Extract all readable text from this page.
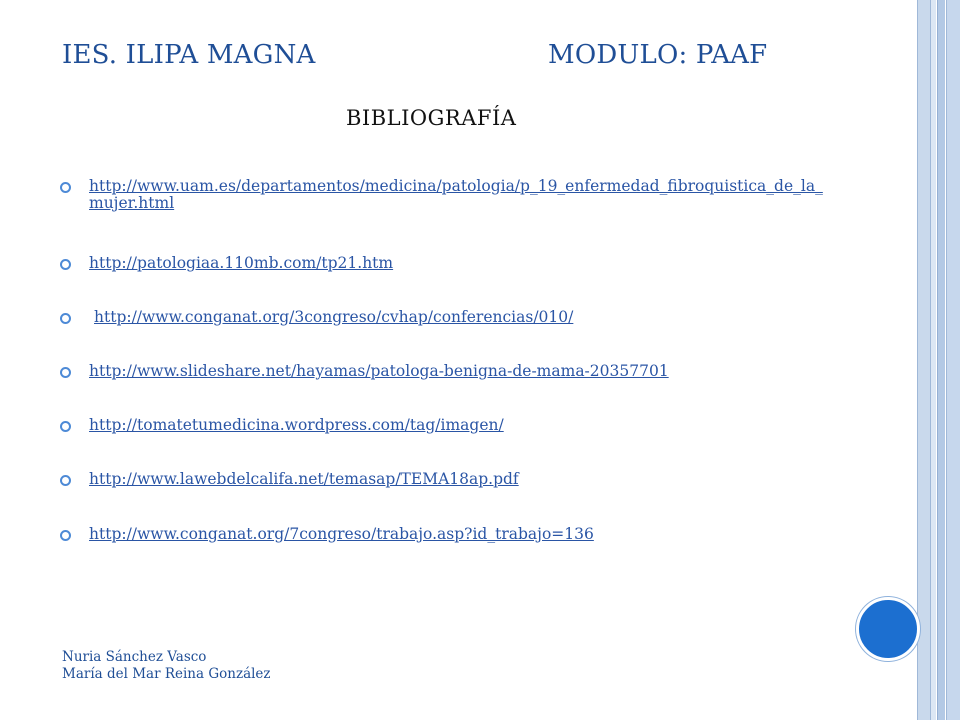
IES. ILIPA MAGNA	MODULO: PAAF
BIBLIOGRAFÍA
http://www.uam.es/departamentos/medicina/patologia/p_19_enfermedad_fibroquistica_de_la_mujer.html
http://patologiaa.110mb.com/tp21.htm
http://www.conganat.org/3congreso/cvhap/conferencias/010/
http://www.slideshare.net/hayamas/patologa-benigna-de-mama-20357701
http://tomatetumedicina.wordpress.com/tag/imagen/
http://www.lawebdelcalifa.net/temasap/TEMA18ap.pdf
http://www.conganat.org/7congreso/trabajo.asp?id_trabajo=136
Nuria Sánchez Vasco
María del Mar Reina González
